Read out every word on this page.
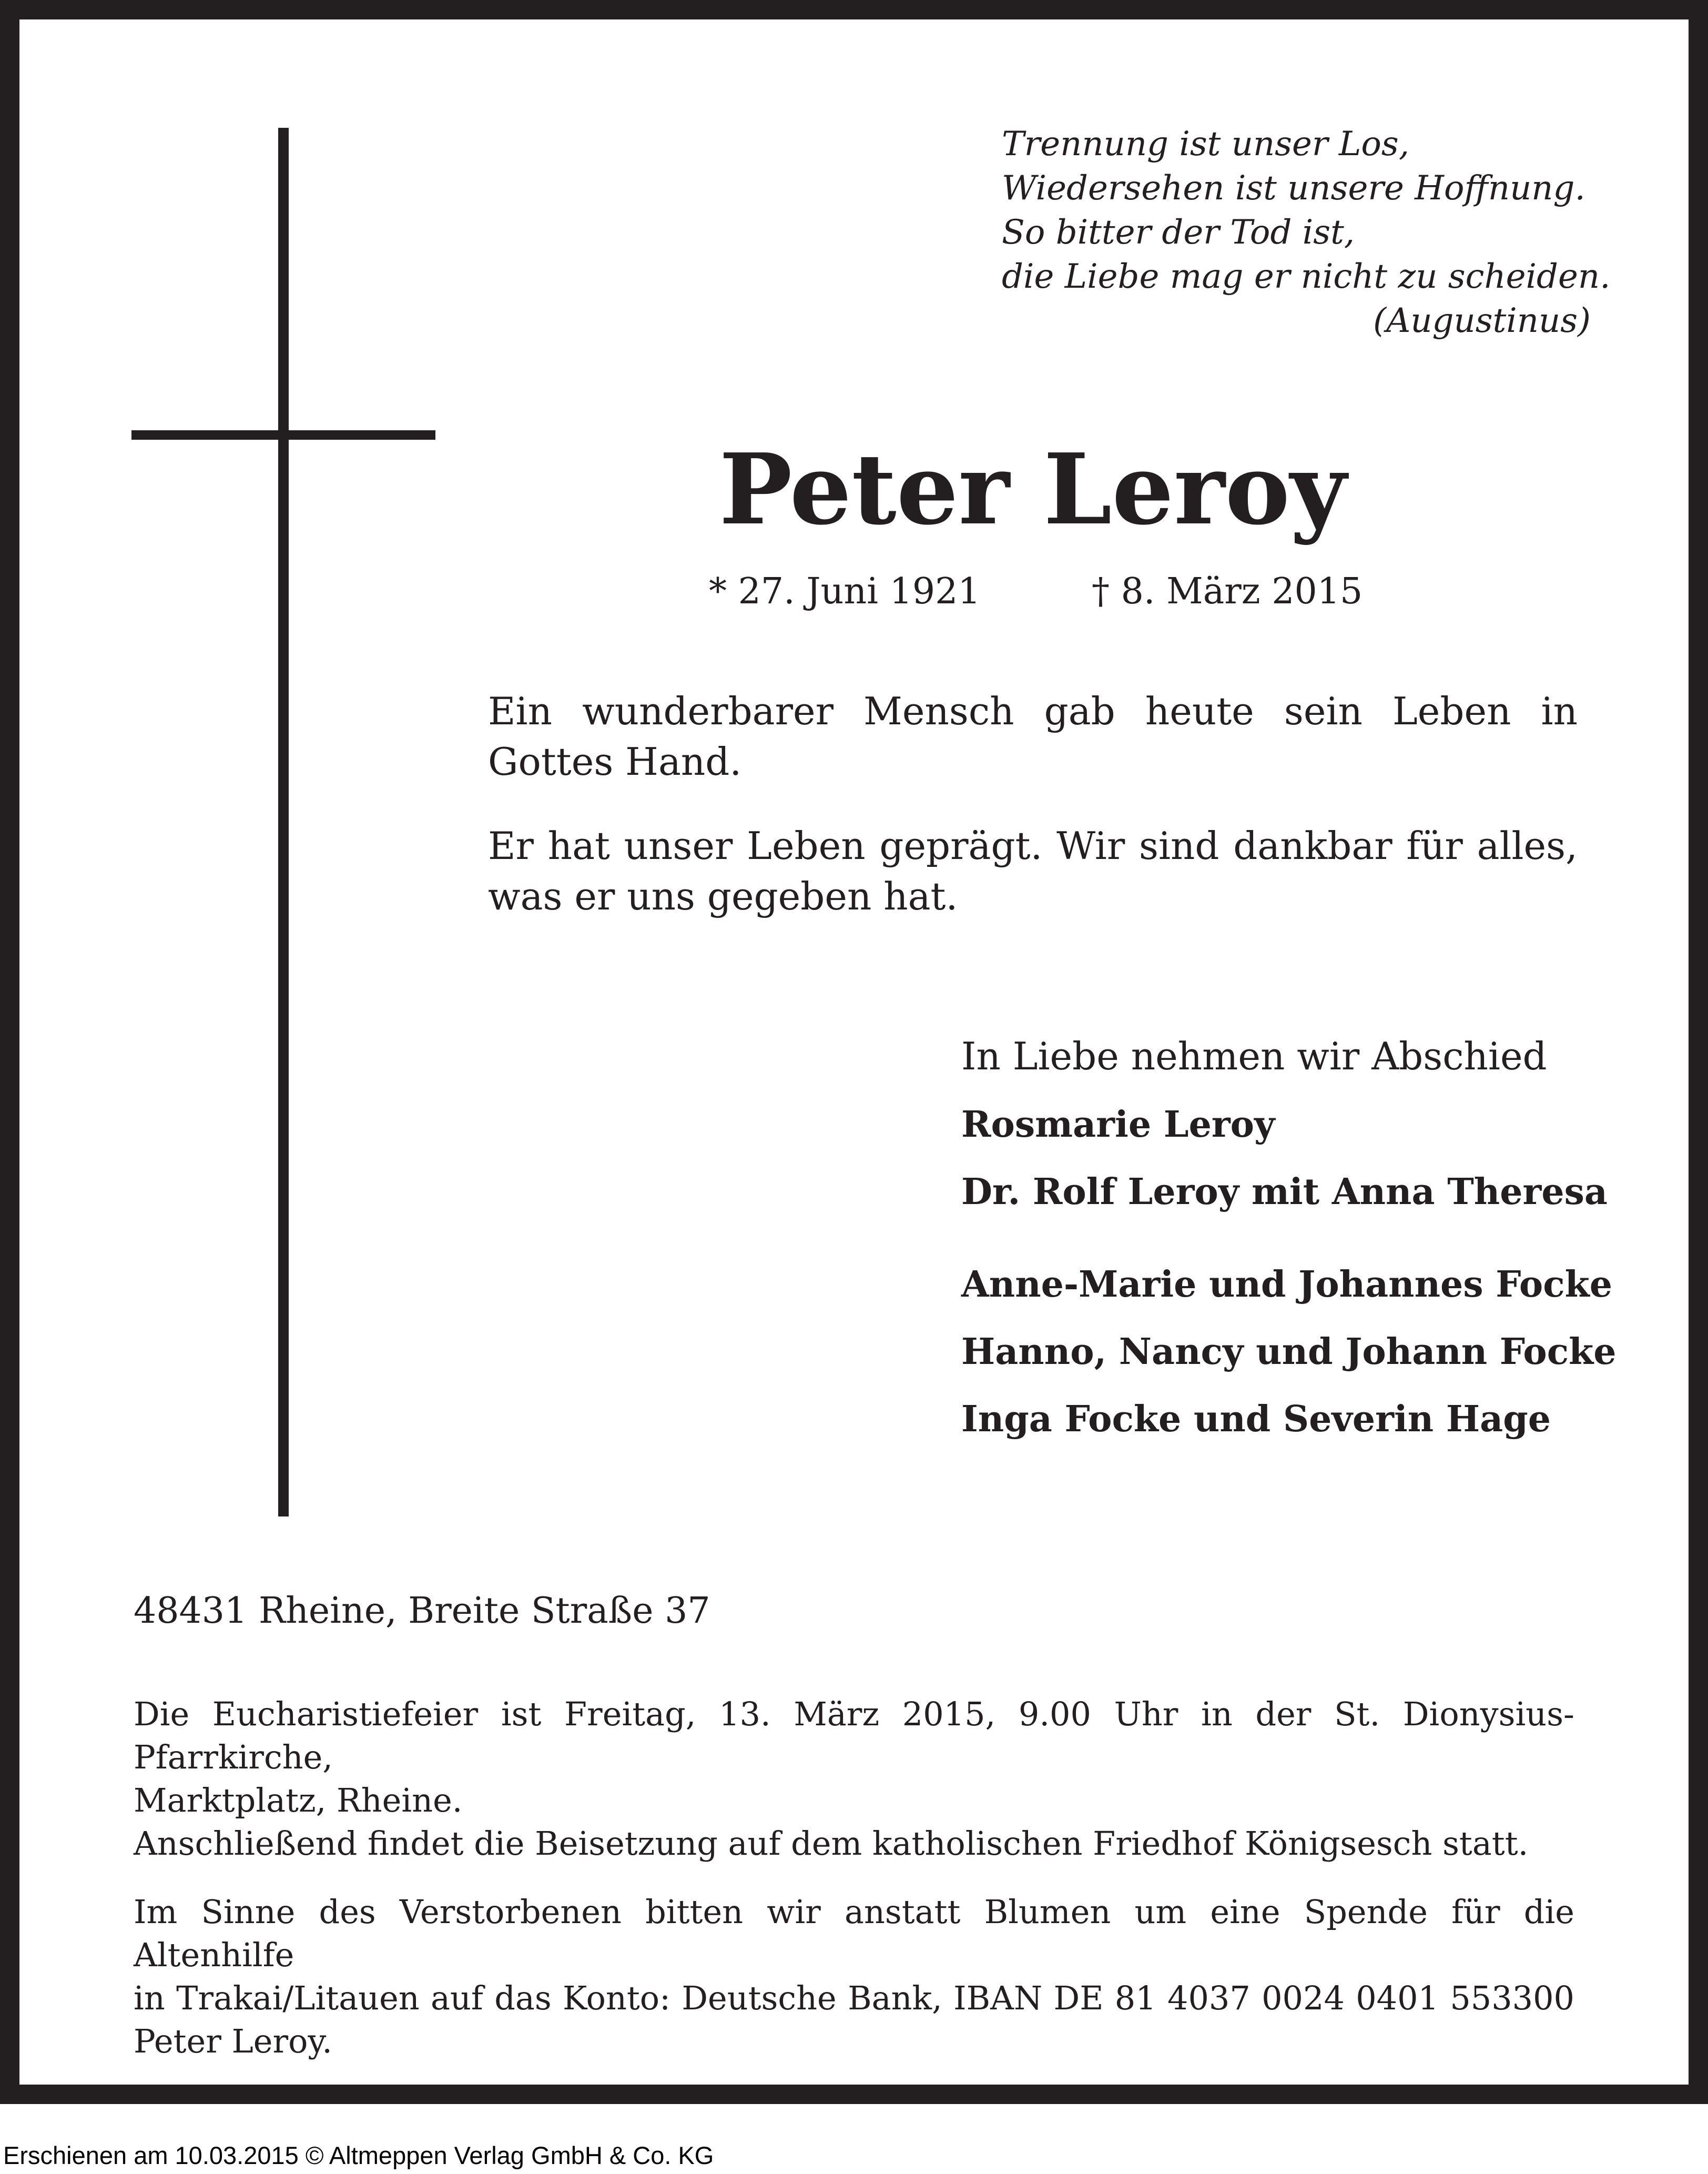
Trennung ist unser Los,
Wiedersehen ist unsere Hoffnung.
So bitter der Tod ist,
die Liebe mag er nicht zu scheiden.
(Augustinus)
Peter Leroy
* 27. Juni 1921	† 8. März 2015
Ein wunderbarer Mensch gab heute sein Leben in Gottes Hand.
Er hat unser Leben geprägt. Wir sind dankbar für alles, was er uns gegeben hat.
In Liebe nehmen wir Abschied
Rosmarie Leroy
Dr. Rolf Leroy mit Anna Theresa
Anne-Marie und Johannes Focke
Hanno, Nancy und Johann Focke
Inga Focke und Severin Hage
48431 Rheine, Breite Straße 37
Die Eucharistiefeier ist Freitag, 13. März 2015, 9.00 Uhr in der St. Dionysius-Pfarrkirche,
Marktplatz, Rheine.
Anschließend findet die Beisetzung auf dem katholischen Friedhof Königsesch statt.
Im Sinne des Verstorbenen bitten wir anstatt Blumen um eine Spende für die Altenhilfe
in Trakai/Litauen auf das Konto: Deutsche Bank, IBAN DE 81 4037 0024 0401 553300
Peter Leroy.
Erschienen am 10.03.2015 © Altmeppen Verlag GmbH & Co. KG
